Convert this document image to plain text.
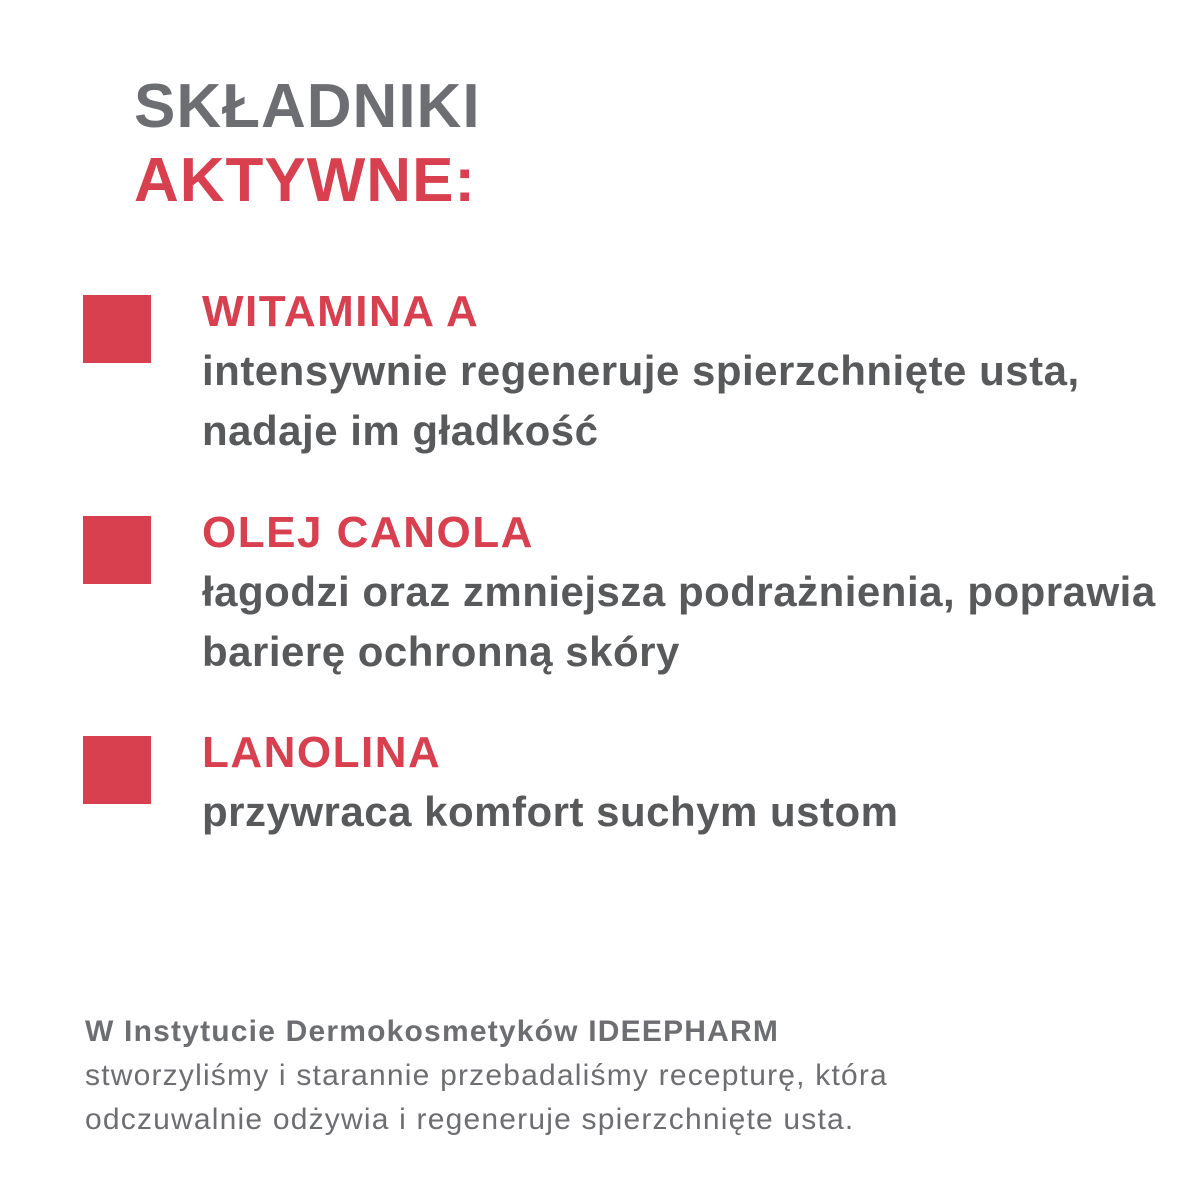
SKŁADNIKI
AKTYWNE:
WITAMINA A
intensywnie regeneruje spierzchnięte usta, nadaje im gładkość
OLEJ CANOLA
łagodzi oraz zmniejsza podrażnienia, poprawia barierę ochronną skóry
LANOLINA
przywraca komfort suchym ustom
W Instytucie Dermokosmetyków IDEEPHARM
stworzyliśmy i starannie przebadaliśmy recepturę, która
odczuwalnie odżywia i regeneruje spierzchnięte usta.
